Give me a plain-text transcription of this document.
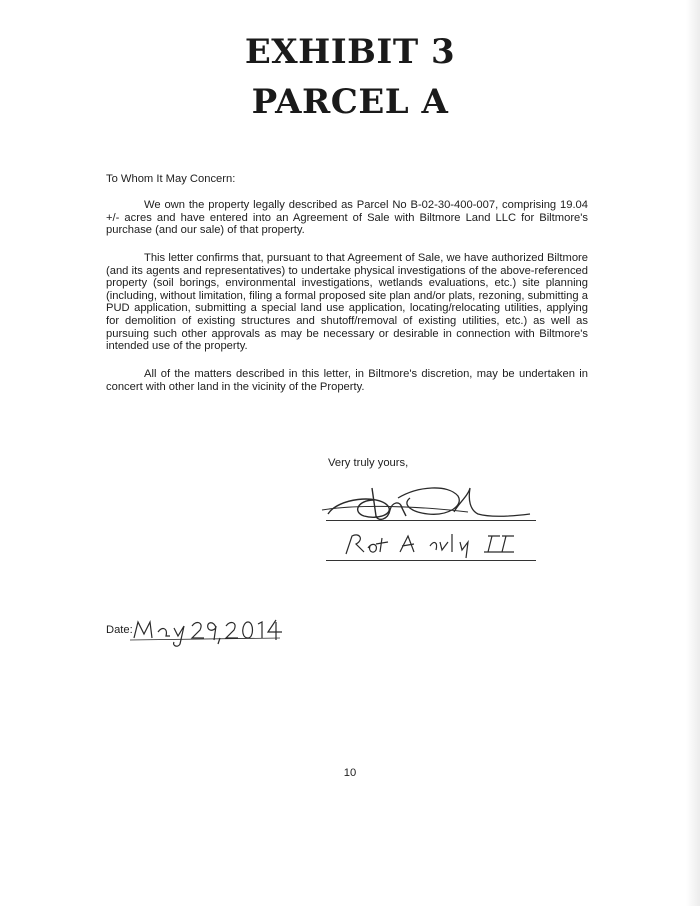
EXHIBIT 3
PARCEL A
To Whom It May Concern:

We own the property legally described as Parcel No B-02-30-400-007, comprising 19.04 +/- acres and have entered into an Agreement of Sale with Biltmore Land LLC for Biltmore's purchase (and our sale) of that property.

This letter confirms that, pursuant to that Agreement of Sale, we have authorized Biltmore (and its agents and representatives) to undertake physical investigations of the above-referenced property (soil borings, environmental investigations, wetlands evaluations, etc.) site planning (including, without limitation, filing a formal proposed site plan and/or plats, rezoning, submitting a PUD application, submitting a special land use application, locating/relocating utilities, applying for demolition of existing structures and shutoff/removal of existing utilities, etc.) as well as pursuing such other approvals as may be necessary or desirable in connection with Biltmore's intended use of the property.

All of the matters described in this letter, in Biltmore's discretion, may be undertaken in concert with other land in the vicinity of the Property.

Very truly yours,
Date:
10
